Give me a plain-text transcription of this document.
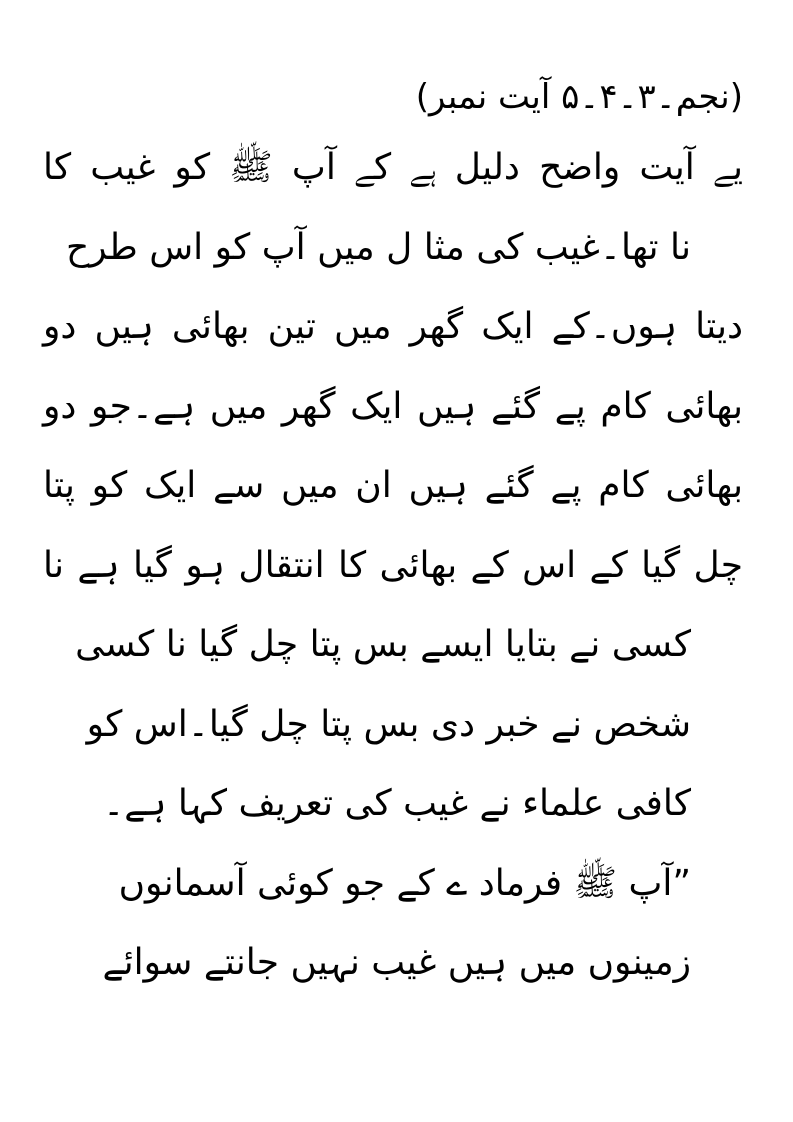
(نجم۔۳۔۴۔۵ آیت نمبر)
یے آیت واضح دلیل ہے کے آپ ﷺ کو غیب کا
نا تھا۔غیب کی مثا ل میں آپ کو اس طرح
دیتا ہوں۔کے ایک گھر میں تین بھائی ہیں دو
بھائی کام پے گئے ہیں ایک گھر میں ہے۔جو دو
بھائی کام پے گئے ہیں ان میں سے ایک کو پتا
چل گیا کے اس کے بھائی کا انتقال ہو گیا ہے نا
کسی نے بتایا ایسے بس پتا چل گیا نا کسی
شخص نے خبر دی بس پتا چل گیا۔اس کو
کافی علماء نے غیب کی تعریف کہا ہے۔
”آپ ﷺ فرماد ے کے جو کوئی آسمانوں
زمینوں میں ہیں غیب نہیں جانتے سوائے
